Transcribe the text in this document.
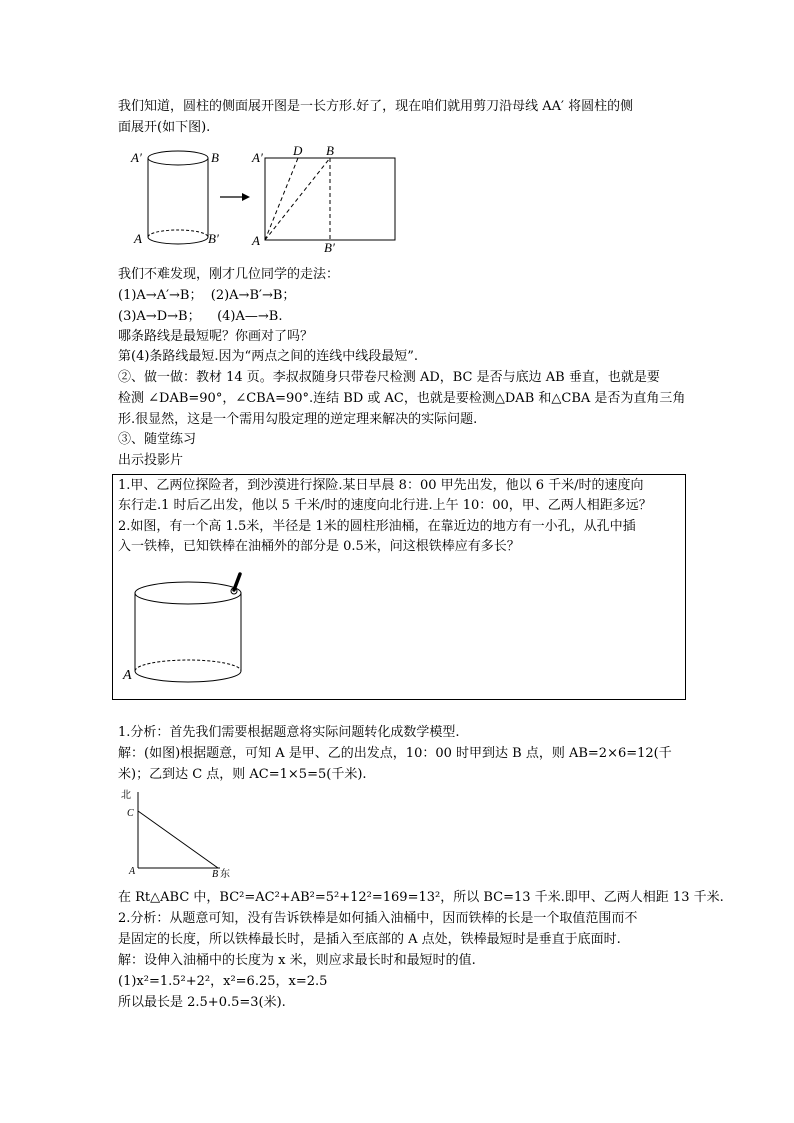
我们知道，圆柱的侧面展开图是一长方形.好了，现在咱们就用剪刀沿母线 AA′ 将圆柱的侧
面展开(如下图).
A′	B
A	B′
A′ D B
A	B′
我们不难发现，刚才几位同学的走法：
(1)A→A′→B；  (2)A→B′→B；
(3)A→D→B；    (4)A—→B.
哪条路线是最短呢？你画对了吗？
第(4)条路线最短.因为“两点之间的连线中线段最短”.
②、做一做：教材 14 页。李叔叔随身只带卷尺检测 AD，BC 是否与底边 AB 垂直，也就是要
检测 ∠DAB=90°，∠CBA=90°.连结 BD 或 AC，也就是要检测△DAB 和△CBA 是否为直角三角
形.很显然，这是一个需用勾股定理的逆定理来解决的实际问题.
③、随堂练习
出示投影片
1.甲、乙两位探险者，到沙漠进行探险.某日早晨 8：00 甲先出发，他以 6 千米/时的速度向
东行走.1 时后乙出发，他以 5 千米/时的速度向北行进.上午 10：00，甲、乙两人相距多远？
2.如图，有一个高 1.5米，半径是 1米的圆柱形油桶，在靠近边的地方有一小孔，从孔中插
入一铁棒，已知铁棒在油桶外的部分是 0.5米，问这根铁棒应有多长？
A
1.分析：首先我们需要根据题意将实际问题转化成数学模型.
解：(如图)根据题意，可知 A 是甲、乙的出发点，10：00 时甲到达 B 点，则 AB=2×6=12(千
米)；乙到达 C 点，则 AC=1×5=5(千米).
北
东
C
A	B
在 Rt△ABC 中，BC²=AC²+AB²=5²+12²=169=13²，所以 BC=13 千米.即甲、乙两人相距 13 千米.
2.分析：从题意可知，没有告诉铁棒是如何插入油桶中，因而铁棒的长是一个取值范围而不
是固定的长度，所以铁棒最长时，是插入至底部的 A 点处，铁棒最短时是垂直于底面时.
解：设伸入油桶中的长度为 x 米，则应求最长时和最短时的值.
(1)x²=1.5²+2²，x²=6.25，x=2.5
所以最长是 2.5+0.5=3(米).
